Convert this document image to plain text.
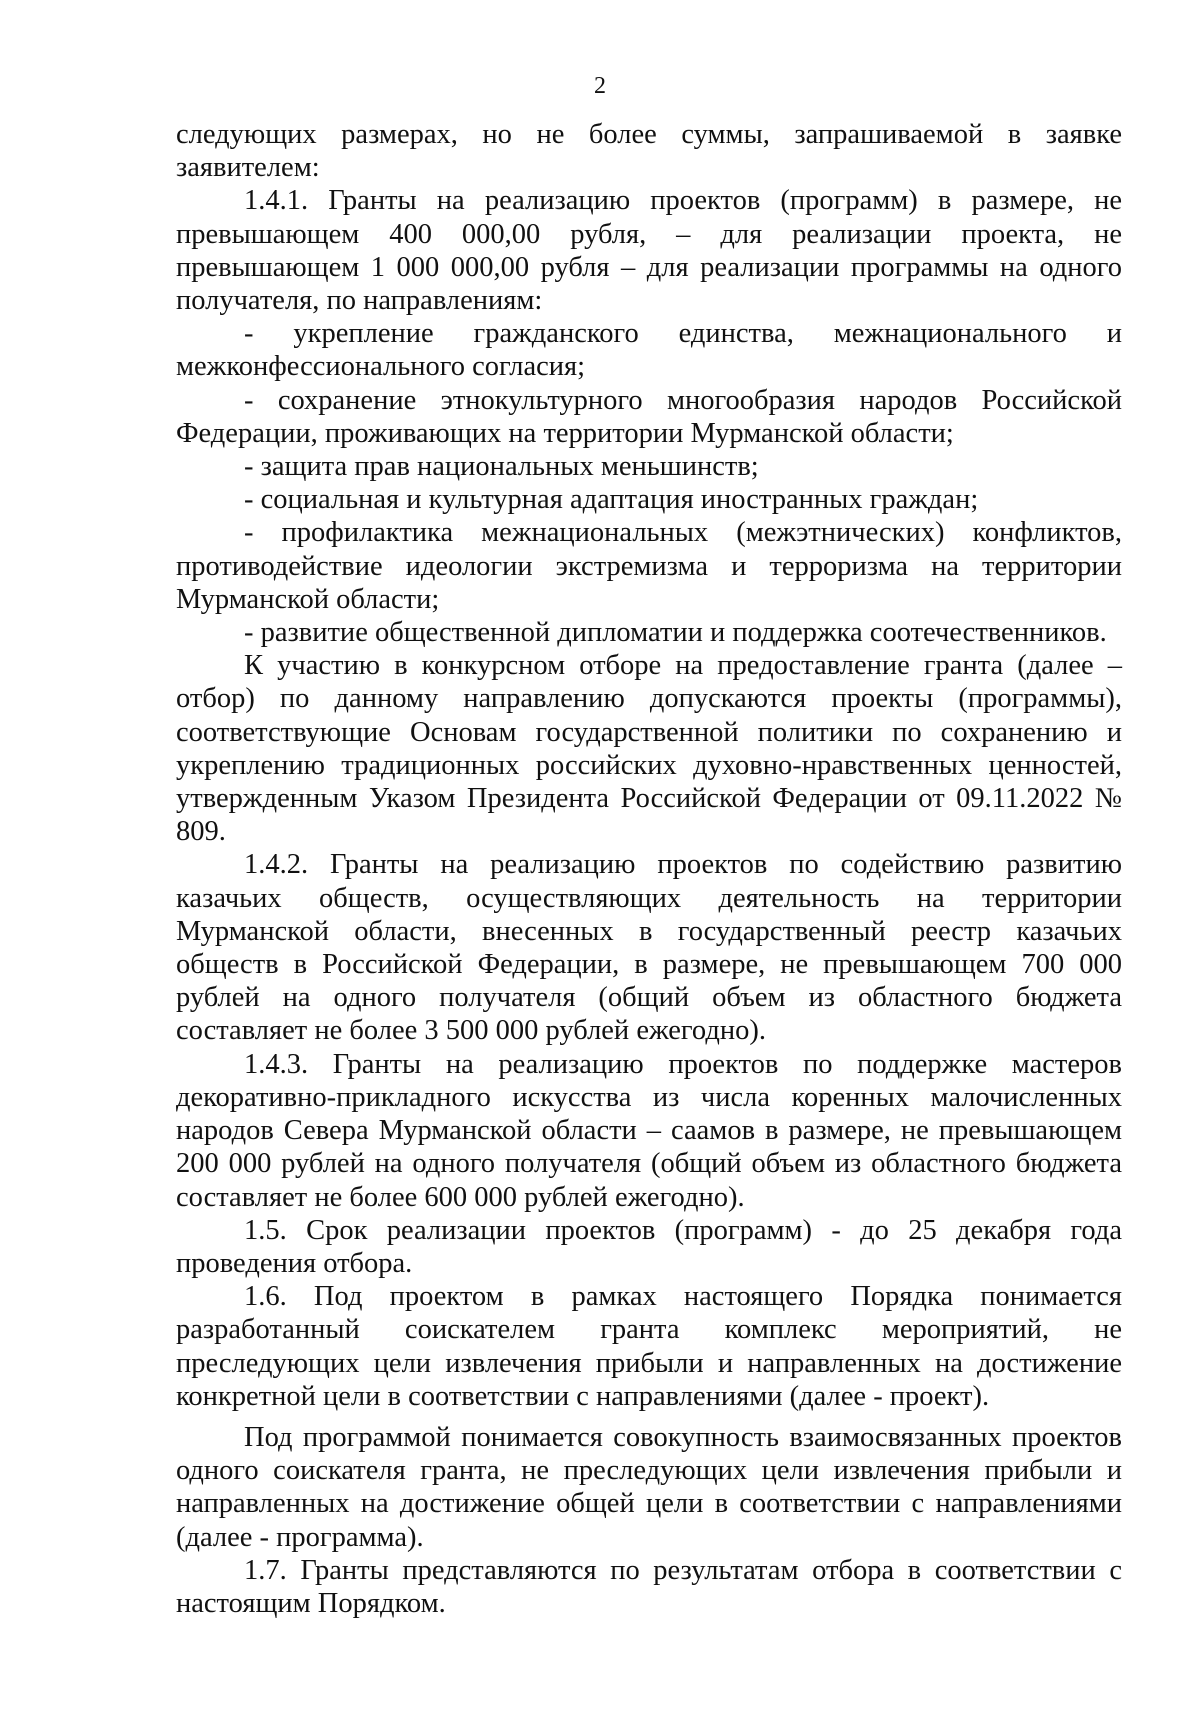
2

следующих размерах, но не более суммы, запрашиваемой в заявке заявителем:

1.4.1. Гранты на реализацию проектов (программ) в размере, не превышающем 400 000,00 рубля, – для реализации проекта, не превышающем 1 000 000,00 рубля – для реализации программы на одного получателя, по направлениям:

- укрепление гражданского единства, межнационального и межконфессионального согласия;

- сохранение этнокультурного многообразия народов Российской Федерации, проживающих на территории Мурманской области;

- защита прав национальных меньшинств;

- социальная и культурная адаптация иностранных граждан;

- профилактика межнациональных (межэтнических) конфликтов, противодействие идеологии экстремизма и терроризма на территории Мурманской области;

- развитие общественной дипломатии и поддержка соотечественников.

К участию в конкурсном отборе на предоставление гранта (далее – отбор) по данному направлению допускаются проекты (программы), соответствующие Основам государственной политики по сохранению и укреплению традиционных российских духовно-нравственных ценностей, утвержденным Указом Президента Российской Федерации от 09.11.2022 № 809.

1.4.2. Гранты на реализацию проектов по содействию развитию казачьих обществ, осуществляющих деятельность на территории Мурманской области, внесенных в государственный реестр казачьих обществ в Российской Федерации, в размере, не превышающем 700 000 рублей на одного получателя (общий объем из областного бюджета составляет не более 3 500 000 рублей ежегодно).

1.4.3. Гранты на реализацию проектов по поддержке мастеров декоративно-прикладного искусства из числа коренных малочисленных народов Севера Мурманской области – саамов в размере, не превышающем 200 000 рублей на одного получателя (общий объем из областного бюджета составляет не более 600 000 рублей ежегодно).

1.5. Срок реализации проектов (программ) - до 25 декабря года проведения отбора.

1.6. Под проектом в рамках настоящего Порядка понимается разработанный соискателем гранта комплекс мероприятий, не преследующих цели извлечения прибыли и направленных на достижение конкретной цели в соответствии с направлениями (далее - проект).

Под программой понимается совокупность взаимосвязанных проектов одного соискателя гранта, не преследующих цели извлечения прибыли и направленных на достижение общей цели в соответствии с направлениями (далее - программа).

1.7. Гранты представляются по результатам отбора в соответствии с настоящим Порядком.
